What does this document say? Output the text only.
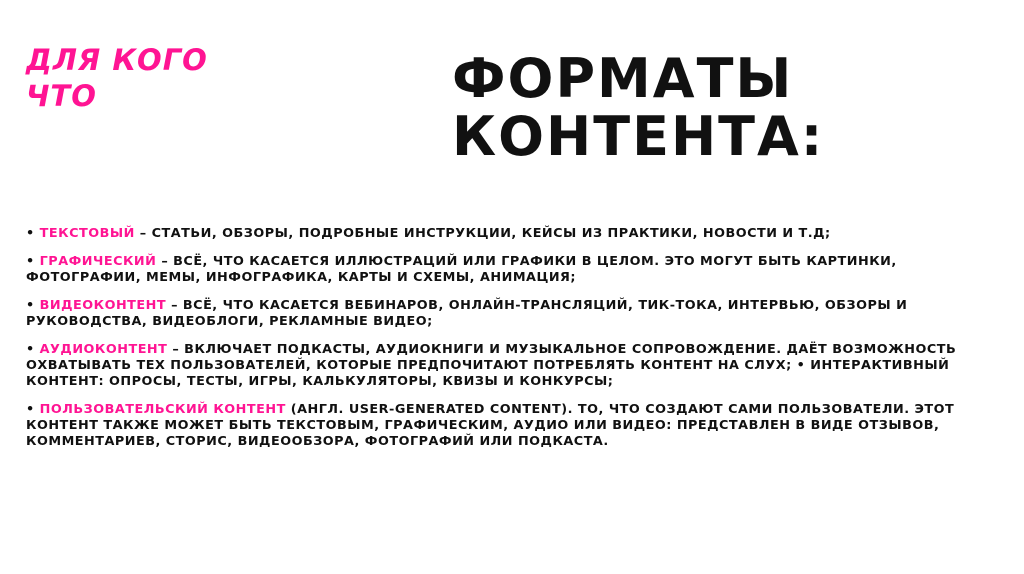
ДЛЯ КОГО
ЧТО	ФОРМАТЫ
КОНТЕНТА:
• ТЕКСТОВЫЙ – СТАТЬИ, ОБЗОРЫ, ПОДРОБНЫЕ ИНСТРУКЦИИ, КЕЙСЫ ИЗ ПРАКТИКИ, НОВОСТИ И Т.Д;
• ГРАФИЧЕСКИЙ – ВСЁ, ЧТО КАСАЕТСЯ ИЛЛЮСТРАЦИЙ ИЛИ ГРАФИКИ В ЦЕЛОМ. ЭТО МОГУТ БЫТЬ КАРТИНКИ, ФОТОГРАФИИ, МЕМЫ, ИНФОГРАФИКА, КАРТЫ И СХЕМЫ, АНИМАЦИЯ;
• ВИДЕОКОНТЕНТ – ВСЁ, ЧТО КАСАЕТСЯ ВЕБИНАРОВ, ОНЛАЙН-ТРАНСЛЯЦИЙ, ТИК-ТОКА, ИНТЕРВЬЮ, ОБЗОРЫ И РУКОВОДСТВА, ВИДЕОБЛОГИ, РЕКЛАМНЫЕ ВИДЕО;
• АУДИОКОНТЕНТ – ВКЛЮЧАЕТ ПОДКАСТЫ, АУДИОКНИГИ И МУЗЫКАЛЬНОЕ СОПРОВОЖДЕНИЕ. ДАЁТ ВОЗМОЖНОСТЬ ОХВАТЫВАТЬ ТЕХ ПОЛЬЗОВАТЕЛЕЙ, КОТОРЫЕ ПРЕДПОЧИТАЮТ ПОТРЕБЛЯТЬ КОНТЕНТ НА СЛУХ; • ИНТЕРАКТИВНЫЙ КОНТЕНТ: ОПРОСЫ, ТЕСТЫ, ИГРЫ, КАЛЬКУЛЯТОРЫ, КВИЗЫ И КОНКУРСЫ;
• ПОЛЬЗОВАТЕЛЬСКИЙ КОНТЕНТ (АНГЛ. USER-GENERATED CONTENT). ТО, ЧТО СОЗДАЮТ САМИ ПОЛЬЗОВАТЕЛИ. ЭТОТ КОНТЕНТ ТАКЖЕ МОЖЕТ БЫТЬ ТЕКСТОВЫМ, ГРАФИЧЕСКИМ, АУДИО ИЛИ ВИДЕО: ПРЕДСТАВЛЕН В ВИДЕ ОТЗЫВОВ, КОММЕНТАРИЕВ, СТОРИС, ВИДЕООБЗОРА, ФОТОГРАФИЙ ИЛИ ПОДКАСТА.
